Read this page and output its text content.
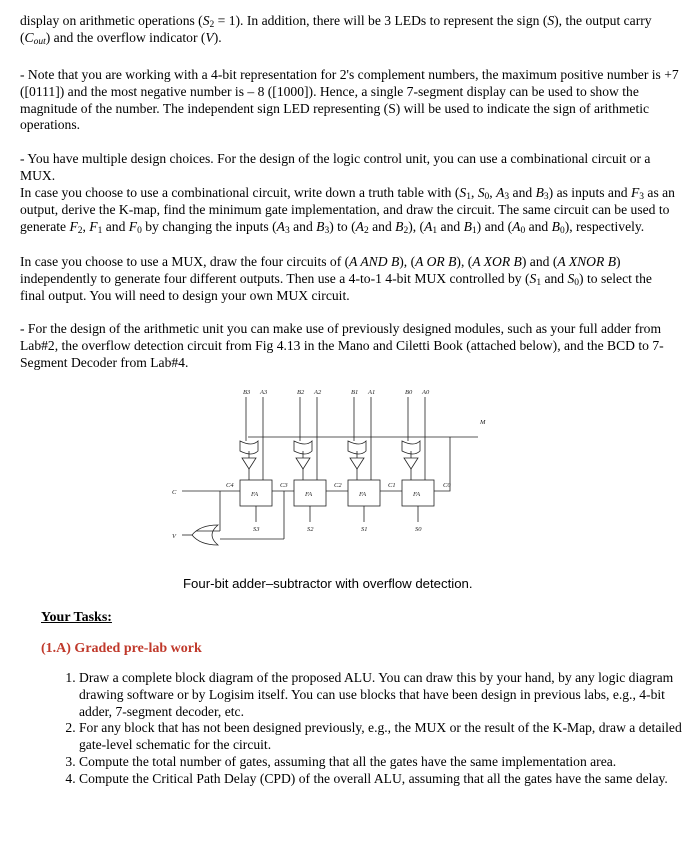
display on arithmetic operations $(S_2 = 1)$. In addition, there will be 3 LEDs to represent the sign (S), the output carry $(C_{out})$ and the overflow indicator (V).

- Note that you are working with a 4-bit representation for 2's complement numbers, the maximum positive number is +7 ([0111]) and the most negative number is – 8 ([1000]). Hence, a single 7-segment display can be used to show the magnitude of the number. The independent sign LED representing (S) will be used to indicate the sign of arithmetic operations.

- You have multiple design choices. For the design of the logic control unit, you can use a combinational circuit or a MUX.

In case you choose to use a combinational circuit, write down a truth table with ($S_1$, $S_0$, $A_3$ and $B_3$) as inputs and $F_3$ as an output, derive the K-map, find the minimum gate implementation, and draw the circuit. The same circuit can be used to generate $F_2$, $F_1$ and $F_0$ by changing the inputs ($A_3$ and $B_3$) to ($A_2$ and $B_2$), ($A_1$ and $B_1$) and ($A_0$ and $B_0$), respectively.

In case you choose to use a MUX, draw the four circuits of (A AND B), (A OR B), (A XOR B) and (A XNOR B) independently to generate four different outputs. Then use a 4-to-1 4-bit MUX controlled by ($S_1$ and $S_0$) to select the final output. You will need to design your own MUX circuit.

- For the design of the arithmetic unit you can make use of previously designed modules, such as your full adder from Lab#2, the overflow detection circuit from Fig 4.13 in the Mano and Ciletti Book (attached below), and the BCD to 7-Segment Decoder from Lab#4.

B3 A3	B2 A2	B1 A1	B0 A0
C4	C3	C2	C1	C0
FA	FA	FA	FA
S3	S2	S1	S0
M
C
V
Four-bit adder–subtractor with overflow detection.
Your Tasks:
(1.A) Graded pre-lab work
1. Draw a complete block diagram of the proposed ALU. You can draw this by your hand, by any logic diagram drawing software or by Logisim itself. You can use blocks that have been design in previous labs, e.g., 4-bit adder, 7-segment decoder, etc.
2. For any block that has not been designed previously, e.g., the MUX or the result of the K-Map, draw a detailed gate-level schematic for the circuit.
3. Compute the total number of gates, assuming that all the gates have the same implementation area.
4. Compute the Critical Path Delay (CPD) of the overall ALU, assuming that all the gates have the same delay.
